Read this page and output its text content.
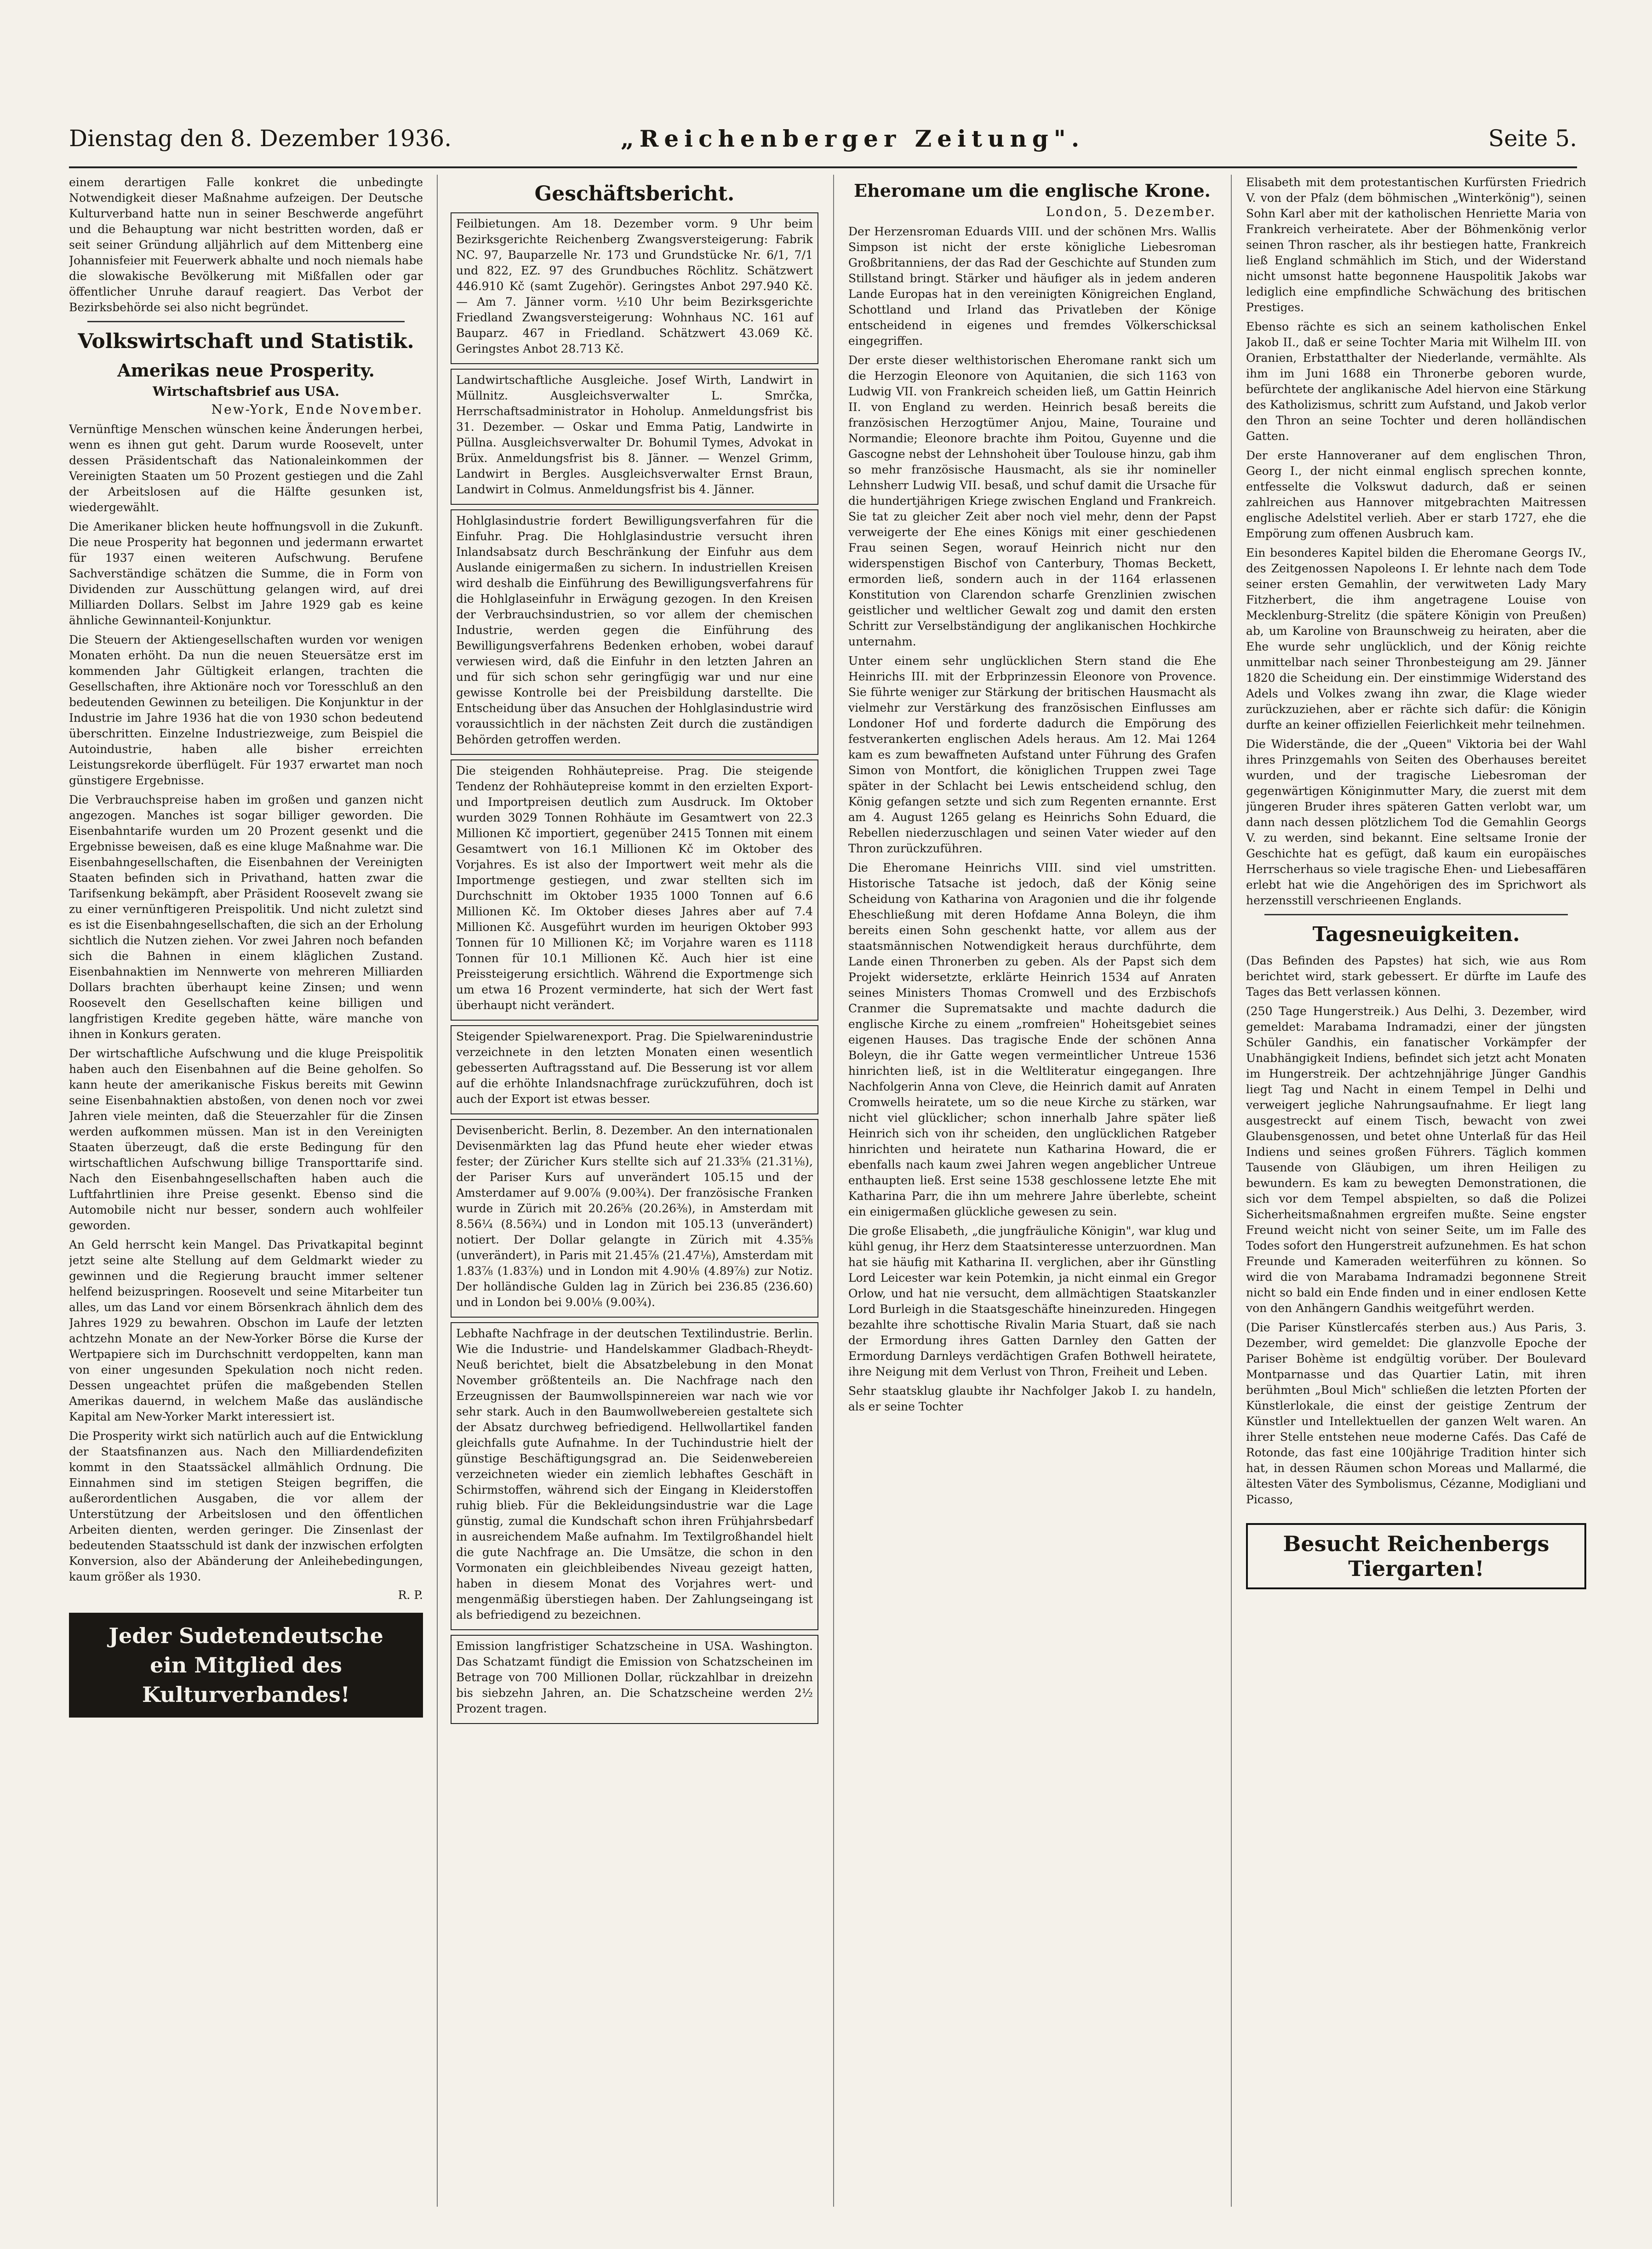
Dienstag den 8. Dezember 1936.	„Reichenberger Zeitung".	Seite 5.

einem derartigen Falle konkret die unbedingte Notwendigkeit dieser Maßnahme aufzeigen. Der Deutsche Kulturverband hatte nun in seiner Beschwerde angeführt und die Behauptung war nicht bestritten worden, daß er seit seiner Gründung alljährlich auf dem Mittenberg eine Johannisfeier mit Feuerwerk abhalte und noch niemals habe die slowakische Bevölkerung mit Mißfallen oder gar öffentlicher Unruhe darauf reagiert. Das Verbot der Bezirksbehörde sei also nicht begründet.

Volkswirtschaft und Statistik.
Amerikas neue Prosperity.
Wirtschaftsbrief aus USA.
New-York, Ende November.

Vernünftige Menschen wünschen keine Änderungen herbei, wenn es ihnen gut geht. Darum wurde Roosevelt, unter dessen Präsidentschaft das Nationaleinkommen der Vereinigten Staaten um 50 Prozent gestiegen und die Zahl der Arbeitslosen auf die Hälfte gesunken ist, wiedergewählt.

Die Amerikaner blicken heute hoffnungsvoll in die Zukunft. Die neue Prosperity hat begonnen und jedermann erwartet für 1937 einen weiteren Aufschwung. Berufene Sachverständige schätzen die Summe, die in Form von Dividenden zur Ausschüttung gelangen wird, auf drei Milliarden Dollars. Selbst im Jahre 1929 gab es keine ähnliche Gewinnanteil-Konjunktur.

Die Steuern der Aktiengesellschaften wurden vor wenigen Monaten erhöht. Da nun die neuen Steuersätze erst im kommenden Jahr Gültigkeit erlangen, trachten die Gesellschaften, ihre Aktionäre noch vor Toresschluß an den bedeutenden Gewinnen zu beteiligen. Die Konjunktur in der Industrie im Jahre 1936 hat die von 1930 schon bedeutend überschritten. Einzelne Industriezweige, zum Beispiel die Autoindustrie, haben alle bisher erreichten Leistungsrekorde überflügelt. Für 1937 erwartet man noch günstigere Ergebnisse.

Die Verbrauchspreise haben im großen und ganzen nicht angezogen. Manches ist sogar billiger geworden. Die Eisenbahntarife wurden um 20 Prozent gesenkt und die Ergebnisse beweisen, daß es eine kluge Maßnahme war. Die Eisenbahngesellschaften, die Eisenbahnen der Vereinigten Staaten befinden sich in Privathand, hatten zwar die Tarifsenkung bekämpft, aber Präsident Roosevelt zwang sie zu einer vernünftigeren Preispolitik. Und nicht zuletzt sind es ist die Eisenbahngesellschaften, die sich an der Erholung sichtlich die Nutzen ziehen. Vor zwei Jahren noch befanden sich die Bahnen in einem kläglichen Zustand. Eisenbahnaktien im Nennwerte von mehreren Milliarden Dollars brachten überhaupt keine Zinsen; und wenn Roosevelt den Gesellschaften keine billigen und langfristigen Kredite gegeben hätte, wäre manche von ihnen in Konkurs geraten.

Der wirtschaftliche Aufschwung und die kluge Preispolitik haben auch den Eisenbahnen auf die Beine geholfen. So kann heute der amerikanische Fiskus bereits mit Gewinn seine Eisenbahnaktien abstoßen, von denen noch vor zwei Jahren viele meinten, daß die Steuerzahler für die Zinsen werden aufkommen müssen. Man ist in den Vereinigten Staaten überzeugt, daß die erste Bedingung für den wirtschaftlichen Aufschwung billige Transporttarife sind. Nach den Eisenbahngesellschaften haben auch die Luftfahrtlinien ihre Preise gesenkt. Ebenso sind die Automobile nicht nur besser, sondern auch wohlfeiler geworden.

An Geld herrscht kein Mangel. Das Privatkapital beginnt jetzt seine alte Stellung auf dem Geldmarkt wieder zu gewinnen und die Regierung braucht immer seltener helfend beizuspringen. Roosevelt und seine Mitarbeiter tun alles, um das Land vor einem Börsenkrach ähnlich dem des Jahres 1929 zu bewahren. Obschon im Laufe der letzten achtzehn Monate an der New-Yorker Börse die Kurse der Wertpapiere sich im Durchschnitt verdoppelten, kann man von einer ungesunden Spekulation noch nicht reden. Dessen ungeachtet prüfen die maßgebenden Stellen Amerikas dauernd, in welchem Maße das ausländische Kapital am New-Yorker Markt interessiert ist.

Die Prosperity wirkt sich natürlich auch auf die Entwicklung der Staatsfinanzen aus. Nach den Milliardendefiziten kommt in den Staatssäckel allmählich Ordnung. Die Einnahmen sind im stetigen Steigen begriffen, die außerordentlichen Ausgaben, die vor allem der Unterstützung der Arbeitslosen und den öffentlichen Arbeiten dienten, werden geringer. Die Zinsenlast der bedeutenden Staatsschuld ist dank der inzwischen erfolgten Konversion, also der Abänderung der Anleihebedingungen, kaum größer als 1930.

R. P.
Jeder Sudetendeutsche
ein Mitglied des Kulturverbandes!
Geschäftsbericht.

Feilbietungen. Am 18. Dezember vorm. 9 Uhr beim Bezirksgerichte Reichenberg Zwangsversteigerung: Fabrik NC. 97, Bauparzelle Nr. 173 und Grundstücke Nr. 6/1, 7/1 und 822, EZ. 97 des Grundbuches Röchlitz. Schätzwert 446.910 Kč (samt Zugehör). Geringstes Anbot 297.940 Kč. — Am 7. Jänner vorm. ½10 Uhr beim Bezirksgerichte Friedland Zwangsversteigerung: Wohnhaus NC. 161 auf Bauparz. 467 in Friedland. Schätzwert 43.069 Kč. Geringstes Anbot 28.713 Kč.

Landwirtschaftliche Ausgleiche. Josef Wirth, Landwirt in Müllnitz. Ausgleichsverwalter L. Smrčka, Herrschaftsadministrator in Hoholup. Anmeldungsfrist bis 31. Dezember. — Oskar und Emma Patig, Landwirte in Püllna. Ausgleichsverwalter Dr. Bohumil Tymes, Advokat in Brüx. Anmeldungsfrist bis 8. Jänner. — Wenzel Grimm, Landwirt in Bergles. Ausgleichsverwalter Ernst Braun, Landwirt in Colmus. Anmeldungsfrist bis 4. Jänner.

Hohlglasindustrie fordert Bewilligungsverfahren für die Einfuhr. Prag. Die Hohlglasindustrie versucht ihren Inlandsabsatz durch Beschränkung der Einfuhr aus dem Auslande einigermaßen zu sichern. In industriellen Kreisen wird deshalb die Einführung des Bewilligungsverfahrens für die Hohlglaseinfuhr in Erwägung gezogen. In den Kreisen der Verbrauchsindustrien, so vor allem der chemischen Industrie, werden gegen die Einführung des Bewilligungsverfahrens Bedenken erhoben, wobei darauf verwiesen wird, daß die Einfuhr in den letzten Jahren an und für sich schon sehr geringfügig war und nur eine gewisse Kontrolle bei der Preisbildung darstellte. Die Entscheidung über das Ansuchen der Hohlglasindustrie wird voraussichtlich in der nächsten Zeit durch die zuständigen Behörden getroffen werden.

Die steigenden Rohhäutepreise. Prag. Die steigende Tendenz der Rohhäutepreise kommt in den erzielten Export- und Importpreisen deutlich zum Ausdruck. Im Oktober wurden 3029 Tonnen Rohhäute im Gesamtwert von 22.3 Millionen Kč importiert, gegenüber 2415 Tonnen mit einem Gesamtwert von 16.1 Millionen Kč im Oktober des Vorjahres. Es ist also der Importwert weit mehr als die Importmenge gestiegen, und zwar stellten sich im Durchschnitt im Oktober 1935 1000 Tonnen auf 6.6 Millionen Kč. Im Oktober dieses Jahres aber auf 7.4 Millionen Kč. Ausgeführt wurden im heurigen Oktober 993 Tonnen für 10 Millionen Kč; im Vorjahre waren es 1118 Tonnen für 10.1 Millionen Kč. Auch hier ist eine Preissteigerung ersichtlich. Während die Exportmenge sich um etwa 16 Prozent verminderte, hat sich der Wert fast überhaupt nicht verändert.

Steigender Spielwarenexport. Prag. Die Spielwarenindustrie verzeichnete in den letzten Monaten einen wesentlich gebesserten Auftragsstand auf. Die Besserung ist vor allem auf die erhöhte Inlandsnachfrage zurückzuführen, doch ist auch der Export ist etwas besser.

Devisenbericht. Berlin, 8. Dezember. An den internationalen Devisenmärkten lag das Pfund heute eher wieder etwas fester; der Züricher Kurs stellte sich auf 21.33⅝ (21.31⅛), der Pariser Kurs auf unverändert 105.15 und der Amsterdamer auf 9.00⅞ (9.00¾). Der französische Franken wurde in Zürich mit 20.26⅝ (20.26⅜), in Amsterdam mit 8.56¼ (8.56¾) und in London mit 105.13 (unverändert) notiert. Der Dollar gelangte in Zürich mit 4.35⅝ (unverändert), in Paris mit 21.45⅞ (21.47⅛), Amsterdam mit 1.83⅞ (1.83⅞) und in London mit 4.90⅛ (4.89⅞) zur Notiz. Der holländische Gulden lag in Zürich bei 236.85 (236.60) und in London bei 9.00⅛ (9.00¾).

Lebhafte Nachfrage in der deutschen Textilindustrie. Berlin. Wie die Industrie- und Handelskammer Gladbach-Rheydt-Neuß berichtet, bielt die Absatzbelebung in den Monat November größtenteils an. Die Nachfrage nach den Erzeugnissen der Baumwollspinnereien war nach wie vor sehr stark. Auch in den Baumwollwebereien gestaltete sich der Absatz durchweg befriedigend. Hellwollartikel fanden gleichfalls gute Aufnahme. In der Tuchindustrie hielt der günstige Beschäftigungsgrad an. Die Seidenwebereien verzeichneten wieder ein ziemlich lebhaftes Geschäft in Schirmstoffen, während sich der Eingang in Kleiderstoffen ruhig blieb. Für die Bekleidungsindustrie war die Lage günstig, zumal die Kundschaft schon ihren Frühjahrsbedarf in ausreichendem Maße aufnahm. Im Textilgroßhandel hielt die gute Nachfrage an. Die Umsätze, die schon in den Vormonaten ein gleichbleibendes Niveau gezeigt hatten, haben in diesem Monat des Vorjahres wert- und mengenmäßig überstiegen haben. Der Zahlungseingang ist als befriedigend zu bezeichnen.

Emission langfristiger Schatzscheine in USA. Washington. Das Schatzamt fündigt die Emission von Schatzscheinen im Betrage von 700 Millionen Dollar, rückzahlbar in dreizehn bis siebzehn Jahren, an. Die Schatzscheine werden 2½ Prozent tragen.

Eheromane um die englische Krone.
London, 5. Dezember.

Der Herzensroman Eduards VIII. und der schönen Mrs. Wallis Simpson ist nicht der erste königliche Liebesroman Großbritanniens, der das Rad der Geschichte auf Stunden zum Stillstand bringt. Stärker und häufiger als in jedem anderen Lande Europas hat in den vereinigten Königreichen England, Schottland und Irland das Privatleben der Könige entscheidend in eigenes und fremdes Völkerschicksal eingegriffen.

Der erste dieser welthistorischen Eheromane rankt sich um die Herzogin Eleonore von Aquitanien, die sich 1163 von Ludwig VII. von Frankreich scheiden ließ, um Gattin Heinrich II. von England zu werden. Heinrich besaß bereits die französischen Herzogtümer Anjou, Maine, Touraine und Normandie; Eleonore brachte ihm Poitou, Guyenne und die Gascogne nebst der Lehnshoheit über Toulouse hinzu, gab ihm so mehr französische Hausmacht, als sie ihr nomineller Lehnsherr Ludwig VII. besaß, und schuf damit die Ursache für die hundertjährigen Kriege zwischen England und Frankreich. Sie tat zu gleicher Zeit aber noch viel mehr, denn der Papst verweigerte der Ehe eines Königs mit einer geschiedenen Frau seinen Segen, worauf Heinrich nicht nur den widerspenstigen Bischof von Canterbury, Thomas Beckett, ermorden ließ, sondern auch in der 1164 erlassenen Konstitution von Clarendon scharfe Grenzlinien zwischen geistlicher und weltlicher Gewalt zog und damit den ersten Schritt zur Verselbständigung der anglikanischen Hochkirche unternahm.

Unter einem sehr unglücklichen Stern stand die Ehe Heinrichs III. mit der Erbprinzessin Eleonore von Provence. Sie führte weniger zur Stärkung der britischen Hausmacht als vielmehr zur Verstärkung des französischen Einflusses am Londoner Hof und forderte dadurch die Empörung des festverankerten englischen Adels heraus. Am 12. Mai 1264 kam es zum bewaffneten Aufstand unter Führung des Grafen Simon von Montfort, die königlichen Truppen zwei Tage später in der Schlacht bei Lewis entscheidend schlug, den König gefangen setzte und sich zum Regenten ernannte. Erst am 4. August 1265 gelang es Heinrichs Sohn Eduard, die Rebellen niederzuschlagen und seinen Vater wieder auf den Thron zurückzuführen.

Die Eheromane Heinrichs VIII. sind viel umstritten. Historische Tatsache ist jedoch, daß der König seine Scheidung von Katharina von Aragonien und die ihr folgende Eheschließung mit deren Hofdame Anna Boleyn, die ihm bereits einen Sohn geschenkt hatte, vor allem aus der staatsmännischen Notwendigkeit heraus durchführte, dem Lande einen Thronerben zu geben. Als der Papst sich dem Projekt widersetzte, erklärte Heinrich 1534 auf Anraten seines Ministers Thomas Cromwell und des Erzbischofs Cranmer die Suprematsakte und machte dadurch die englische Kirche zu einem „romfreien" Hoheitsgebiet seines eigenen Hauses. Das tragische Ende der schönen Anna Boleyn, die ihr Gatte wegen vermeintlicher Untreue 1536 hinrichten ließ, ist in die Weltliteratur eingegangen. Ihre Nachfolgerin Anna von Cleve, die Heinrich damit auf Anraten Cromwells heiratete, um so die neue Kirche zu stärken, war nicht viel glücklicher; schon innerhalb Jahre später ließ Heinrich sich von ihr scheiden, den unglücklichen Ratgeber hinrichten und heiratete nun Katharina Howard, die er ebenfalls nach kaum zwei Jahren wegen angeblicher Untreue enthaupten ließ. Erst seine 1538 geschlossene letzte Ehe mit Katharina Parr, die ihn um mehrere Jahre überlebte, scheint ein einigermaßen glückliche gewesen zu sein.

Die große Elisabeth, „die jungfräuliche Königin", war klug und kühl genug, ihr Herz dem Staatsinteresse unterzuordnen. Man hat sie häufig mit Katharina II. verglichen, aber ihr Günstling Lord Leicester war kein Potemkin, ja nicht einmal ein Gregor Orlow, und hat nie versucht, dem allmächtigen Staatskanzler Lord Burleigh in die Staatsgeschäfte hineinzureden. Hingegen bezahlte ihre schottische Rivalin Maria Stuart, daß sie nach der Ermordung ihres Gatten Darnley den Gatten der Ermordung Darnleys verdächtigen Grafen Bothwell heiratete, ihre Neigung mit dem Verlust von Thron, Freiheit und Leben.

Sehr staatsklug glaubte ihr Nachfolger Jakob I. zu handeln, als er seine Tochter

Elisabeth mit dem protestantischen Kurfürsten Friedrich V. von der Pfalz (dem böhmischen „Winterkönig"), seinen Sohn Karl aber mit der katholischen Henriette Maria von Frankreich verheiratete. Aber der Böhmenkönig verlor seinen Thron rascher, als ihr bestiegen hatte, Frankreich ließ England schmählich im Stich, und der Widerstand nicht umsonst hatte begonnene Hauspolitik Jakobs war lediglich eine empfindliche Schwächung des britischen Prestiges.

Ebenso rächte es sich an seinem katholischen Enkel Jakob II., daß er seine Tochter Maria mit Wilhelm III. von Oranien, Erbstatthalter der Niederlande, vermählte. Als ihm im Juni 1688 ein Thronerbe geboren wurde, befürchtete der anglikanische Adel hiervon eine Stärkung des Katholizismus, schritt zum Aufstand, und Jakob verlor den Thron an seine Tochter und deren holländischen Gatten.

Der erste Hannoveraner auf dem englischen Thron, Georg I., der nicht einmal englisch sprechen konnte, entfesselte die Volkswut dadurch, daß er seinen zahlreichen aus Hannover mitgebrachten Maitressen englische Adelstitel verlieh. Aber er starb 1727, ehe die Empörung zum offenen Ausbruch kam.

Ein besonderes Kapitel bilden die Eheromane Georgs IV., des Zeitgenossen Napoleons I. Er lehnte nach dem Tode seiner ersten Gemahlin, der verwitweten Lady Mary Fitzherbert, die ihm angetragene Louise von Mecklenburg-Strelitz (die spätere Königin von Preußen) ab, um Karoline von Braunschweig zu heiraten, aber die Ehe wurde sehr unglücklich, und der König reichte unmittelbar nach seiner Thronbesteigung am 29. Jänner 1820 die Scheidung ein. Der einstimmige Widerstand des Adels und Volkes zwang ihn zwar, die Klage wieder zurückzuziehen, aber er rächte sich dafür: die Königin durfte an keiner offiziellen Feierlichkeit mehr teilnehmen.

Die Widerstände, die der „Queen" Viktoria bei der Wahl ihres Prinzgemahls von Seiten des Oberhauses bereitet wurden, und der tragische Liebesroman der gegenwärtigen Königinmutter Mary, die zuerst mit dem jüngeren Bruder ihres späteren Gatten verlobt war, um dann nach dessen plötzlichem Tod die Gemahlin Georgs V. zu werden, sind bekannt. Eine seltsame Ironie der Geschichte hat es gefügt, daß kaum ein europäisches Herrscherhaus so viele tragische Ehen- und Liebesaffären erlebt hat wie die Angehörigen des im Sprichwort als herzensstill verschrieenen Englands.

Tagesneuigkeiten.

(Das Befinden des Papstes) hat sich, wie aus Rom berichtet wird, stark gebessert. Er dürfte im Laufe des Tages das Bett verlassen können.

(250 Tage Hungerstreik.) Aus Delhi, 3. Dezember, wird gemeldet: Marabama Indramadzi, einer der jüngsten Schüler Gandhis, ein fanatischer Vorkämpfer der Unabhängigkeit Indiens, befindet sich jetzt acht Monaten im Hungerstreik. Der achtzehnjährige Jünger Gandhis liegt Tag und Nacht in einem Tempel in Delhi und verweigert jegliche Nahrungsaufnahme. Er liegt lang ausgestreckt auf einem Tisch, bewacht von zwei Glaubensgenossen, und betet ohne Unterlaß für das Heil Indiens und seines großen Führers. Täglich kommen Tausende von Gläubigen, um ihren Heiligen zu bewundern. Es kam zu bewegten Demonstrationen, die sich vor dem Tempel abspielten, so daß die Polizei Sicherheitsmaßnahmen ergreifen mußte. Seine engster Freund weicht nicht von seiner Seite, um im Falle des Todes sofort den Hungerstreit aufzunehmen. Es hat schon Freunde und Kameraden weiterführen zu können. So wird die von Marabama Indramadzi begonnene Streit nicht so bald ein Ende finden und in einer endlosen Kette von den Anhängern Gandhis weitgeführt werden.

(Die Pariser Künstlercafés sterben aus.) Aus Paris, 3. Dezember, wird gemeldet: Die glanzvolle Epoche der Pariser Bohème ist endgültig vorüber. Der Boulevard Montparnasse und das Quartier Latin, mit ihren berühmten „Boul Mich" schließen die letzten Pforten der Künstlerlokale, die einst der geistige Zentrum der Künstler und Intellektuellen der ganzen Welt waren. An ihrer Stelle entstehen neue moderne Cafés. Das Café de Rotonde, das fast eine 100jährige Tradition hinter sich hat, in dessen Räumen schon Moreas und Mallarmé, die ältesten Väter des Symbolismus, Cézanne, Modigliani und Picasso,

Besucht Reichenbergs Tiergarten!
